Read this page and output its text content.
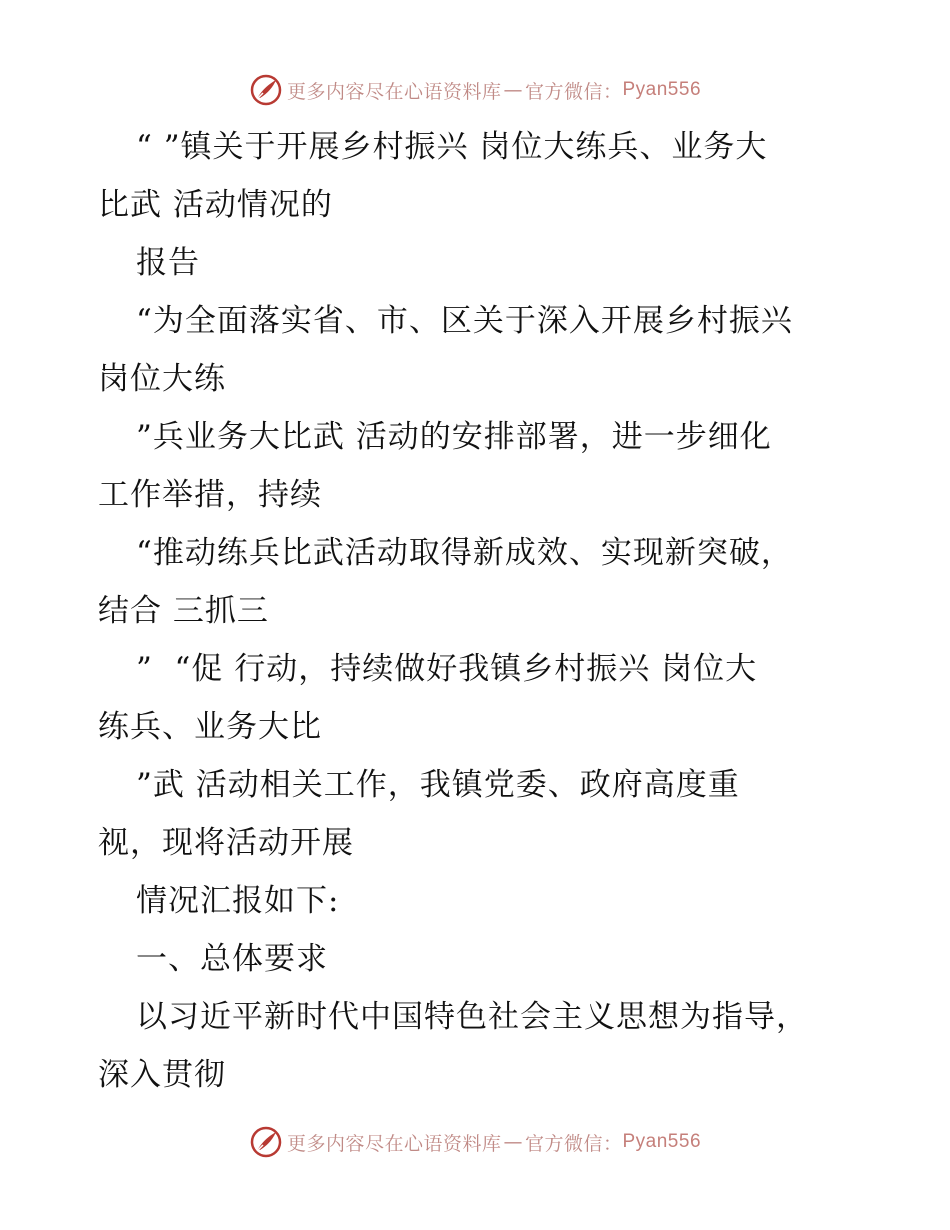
更多内容尽在心语资料库 — 官方微信： Pyan556
“ ”镇关于开展乡村振兴 岗位大练兵、业务大
比武 活动情况的
报告
“为全面落实省、市、区关于深入开展乡村振兴
岗位大练
”兵业务大比武 活动的安排部署，进一步细化
工作举措，持续
“推动练兵比武活动取得新成效、实现新突破，
结合 三抓三
”  “促 行动，持续做好我镇乡村振兴 岗位大
练兵、业务大比
”武 活动相关工作，我镇党委、政府高度重
视，现将活动开展
情况汇报如下:
一、总体要求
以习近平新时代中国特色社会主义思想为指导，
深入贯彻
更多内容尽在心语资料库 — 官方微信： Pyan556
